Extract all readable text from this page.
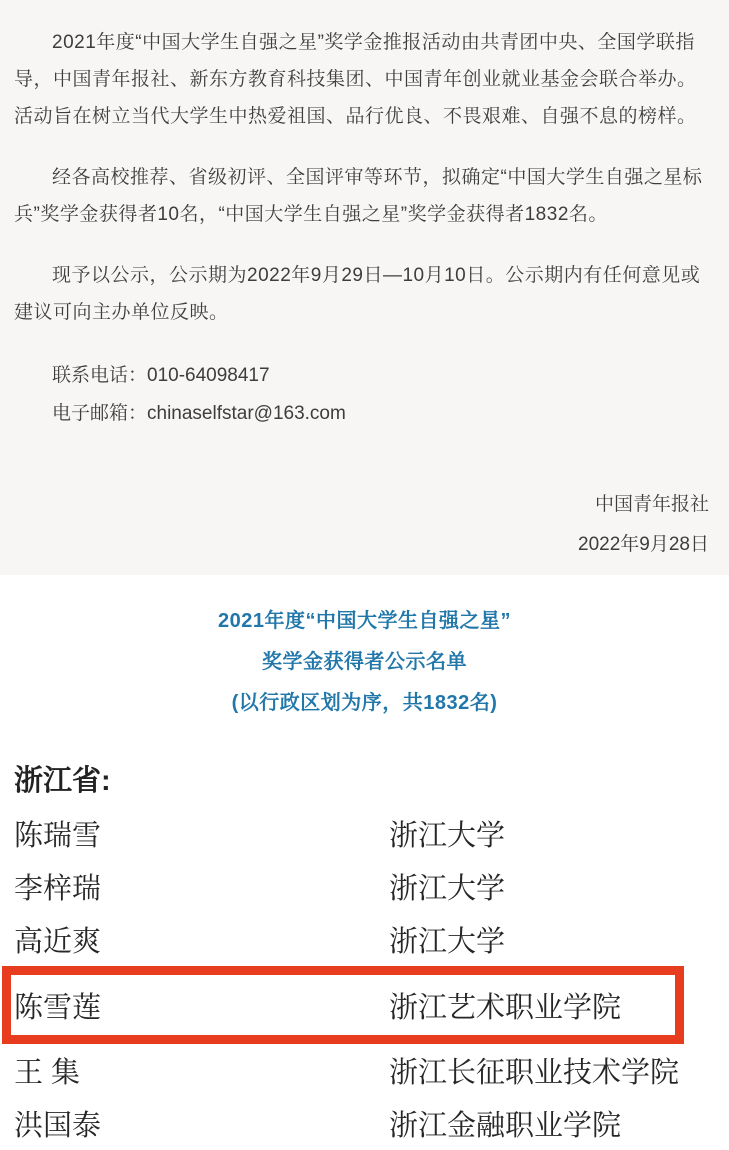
2021年度“中国大学生自强之星”奖学金推报活动由共青团中央、全国学联指导，中国青年报社、新东方教育科技集团、中国青年创业就业基金会联合举办。活动旨在树立当代大学生中热爱祖国、品行优良、不畏艰难、自强不息的榜样。

经各高校推荐、省级初评、全国评审等环节，拟确定“中国大学生自强之星标兵”奖学金获得者10名，“中国大学生自强之星”奖学金获得者1832名。

现予以公示，公示期为2022年9月29日—10月10日。公示期内有任何意见或建议可向主办单位反映。

联系电话：010-64098417
电子邮箱：chinaselfstar@163.com
中国青年报社
2022年9月28日
2021年度“中国大学生自强之星”
奖学金获得者公示名单
(以行政区划为序，共1832名)
浙江省:
陈瑞雪	浙江大学
李梓瑞	浙江大学
高近爽	浙江大学
陈雪莲	浙江艺术职业学院
王 集	浙江长征职业技术学院
洪国泰	浙江金融职业学院
